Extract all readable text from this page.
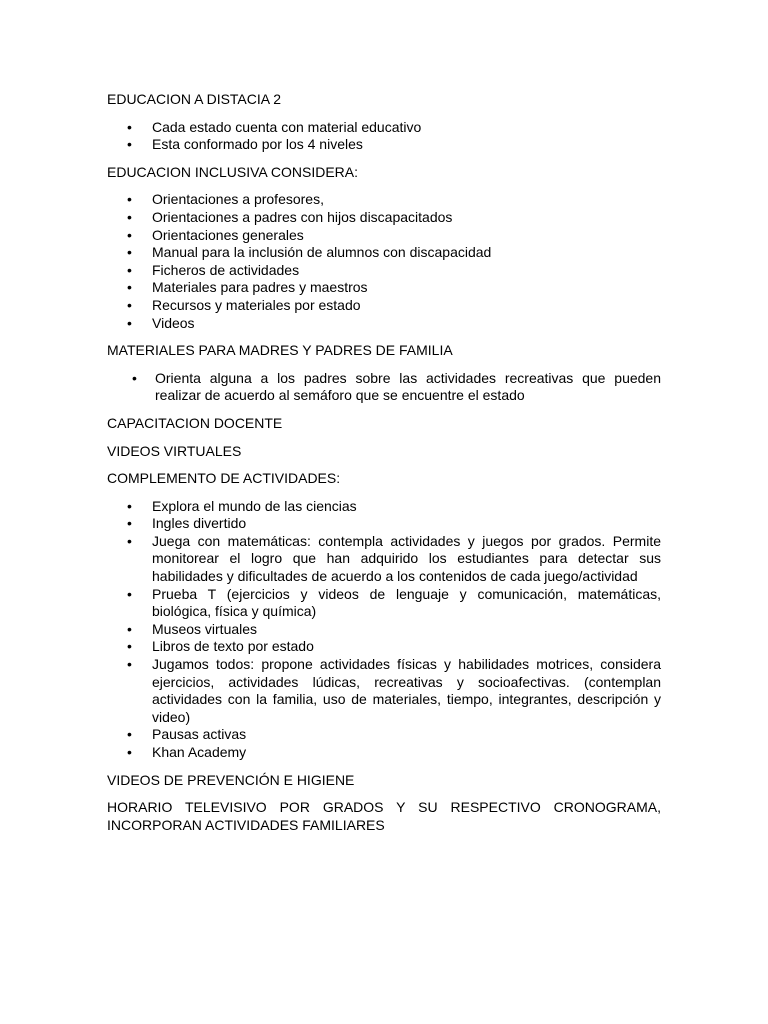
EDUCACION A DISTACIA 2

• Cada estado cuenta con material educativo
• Esta conformado por los 4 niveles

EDUCACION INCLUSIVA CONSIDERA:

• Orientaciones a profesores,
• Orientaciones a padres con hijos discapacitados
• Orientaciones generales
• Manual para la inclusión de alumnos con discapacidad
• Ficheros de actividades
• Materiales para padres y maestros
• Recursos y materiales por estado
• Videos

MATERIALES PARA MADRES Y PADRES DE FAMILIA

• Orienta alguna a los padres sobre las actividades recreativas que pueden realizar de acuerdo al semáforo que se encuentre el estado

CAPACITACION DOCENTE

VIDEOS VIRTUALES

COMPLEMENTO DE ACTIVIDADES:

• Explora el mundo de las ciencias
• Ingles divertido
• Juega con matemáticas: contempla actividades y juegos por grados. Permite monitorear el logro que han adquirido los estudiantes para detectar sus habilidades y dificultades de acuerdo a los contenidos de cada juego/actividad
• Prueba T (ejercicios y videos de lenguaje y comunicación, matemáticas, biológica, física y química)
• Museos virtuales
• Libros de texto por estado
• Jugamos todos: propone actividades físicas y habilidades motrices, considera ejercicios, actividades lúdicas, recreativas y socioafectivas. (contemplan actividades con la familia, uso de materiales, tiempo, integrantes, descripción y video)
• Pausas activas
• Khan Academy

VIDEOS DE PREVENCIÓN E HIGIENE

HORARIO TELEVISIVO POR GRADOS Y SU RESPECTIVO CRONOGRAMA, INCORPORAN ACTIVIDADES FAMILIARES
